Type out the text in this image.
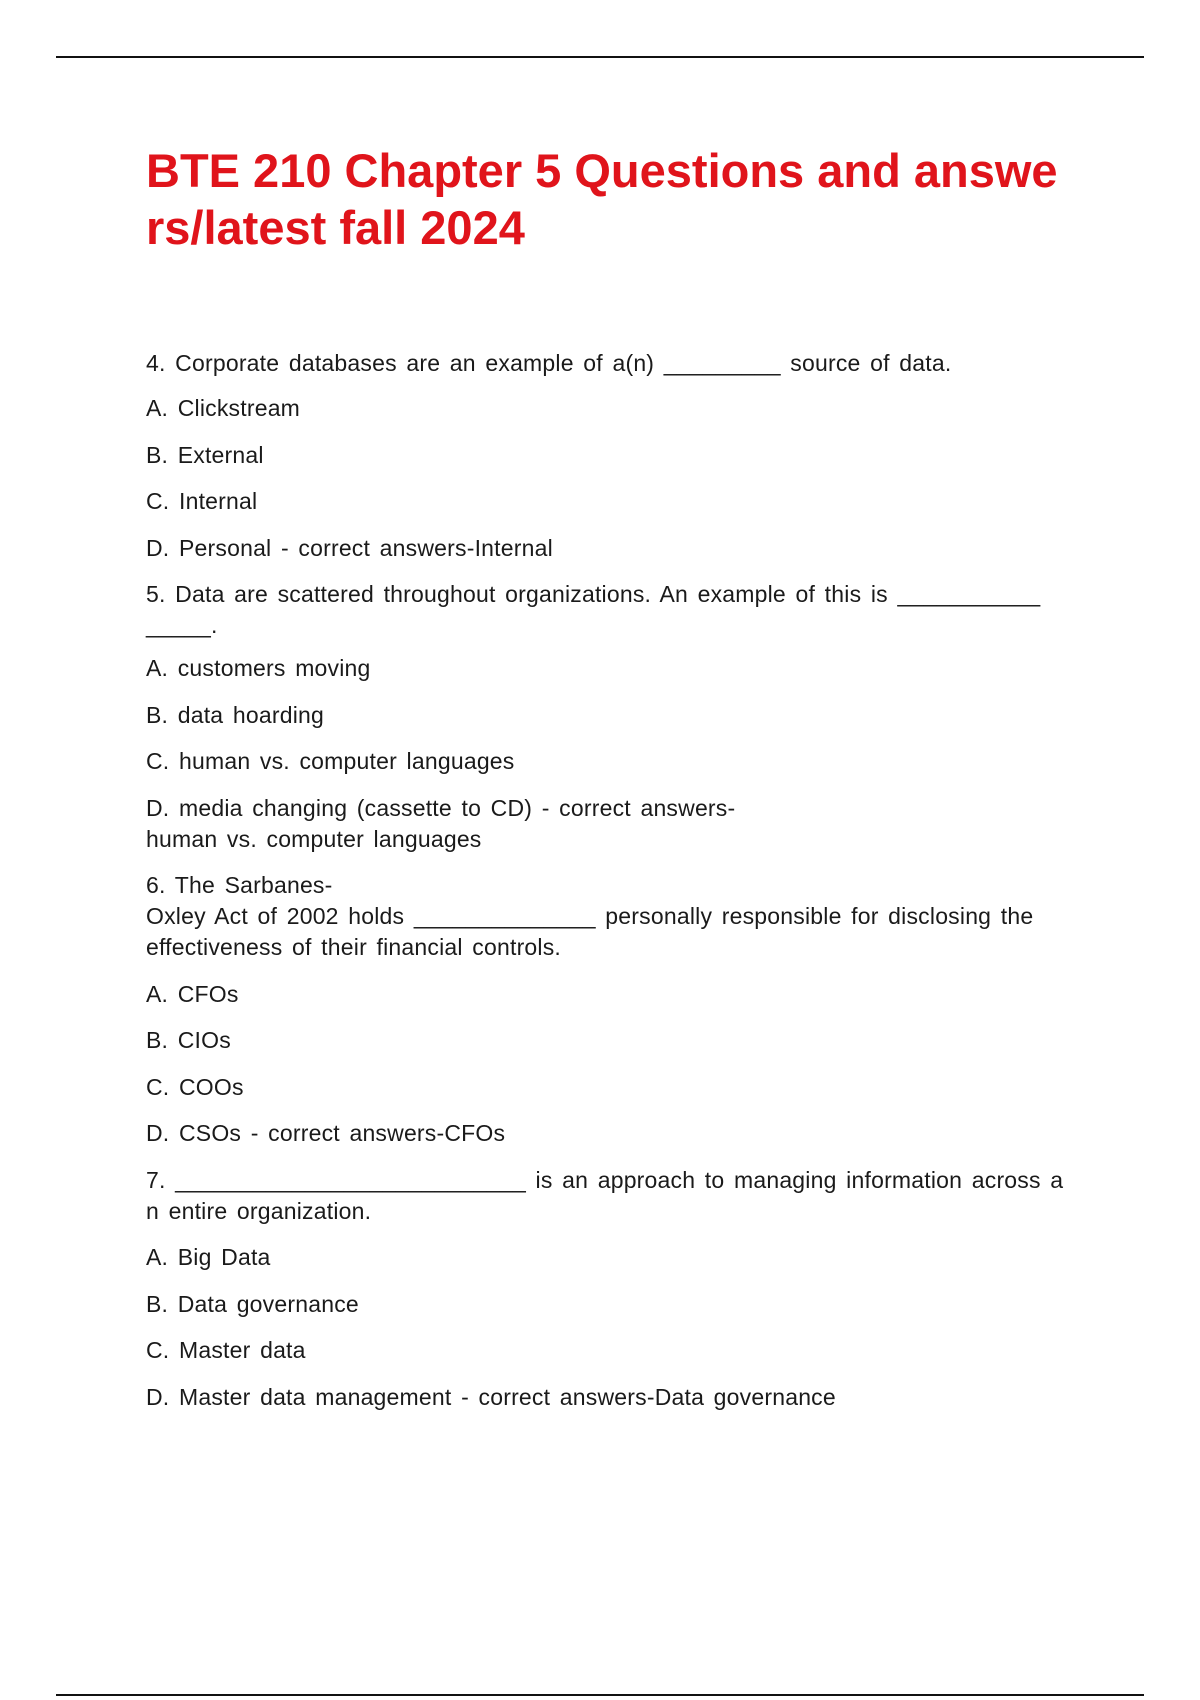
BTE 210 Chapter 5 Questions and answe
rs/latest fall 2024

4. Corporate databases are an example of a(n) _________ source of data.

A. Clickstream

B. External

C. Internal

D. Personal - correct answers-Internal

5. Data are scattered throughout organizations. An example of this is ___________
_____.

A. customers moving

B. data hoarding

C. human vs. computer languages

D. media changing (cassette to CD) - correct answers-
human vs. computer languages

6. The Sarbanes-
Oxley Act of 2002 holds ______________ personally responsible for disclosing the
effectiveness of their financial controls.

A. CFOs

B. CIOs

C. COOs

D. CSOs - correct answers-CFOs

7. ___________________________ is an approach to managing information across a
n entire organization.

A. Big Data

B. Data governance

C. Master data

D. Master data management - correct answers-Data governance
